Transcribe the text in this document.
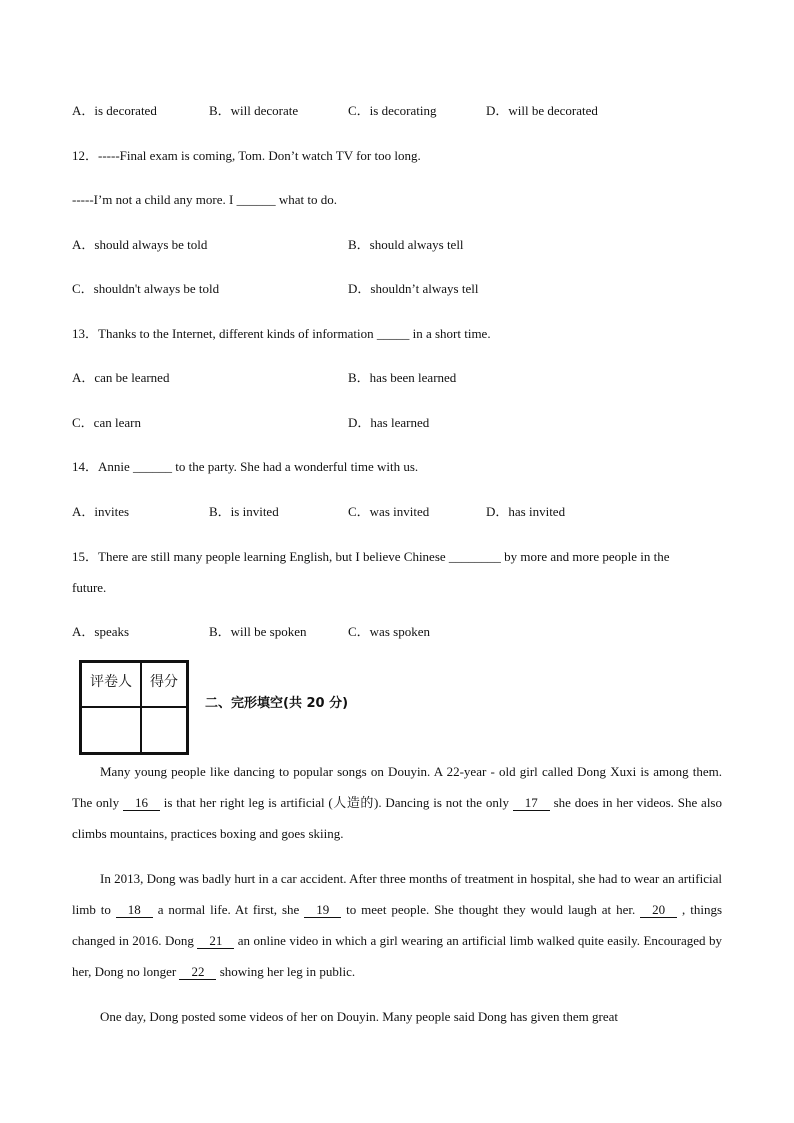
A．is decorated	B．will decorate	C．is decorating	D．will be decorated
12．-----Final exam is coming, Tom. Don’t watch TV for too long.
-----I’m not a child any more. I ______ what to do.
A．should always be told	B．should always tell
C．shouldn't always be told	D．shouldn’t always tell
13．Thanks to the Internet, different kinds of information _____ in a short time.
A．can be learned	B．has been learned
C．can learn	D．has learned
14．Annie ______ to the party. She had a wonderful time with us.
A．invites	B．is invited	C．was invited	D．has invited
15．There are still many people learning English, but I believe Chinese ________ by more and more people in the
future.
A．speaks	B．will be spoken	C．was spoken
评卷人	得分
二、完形填空(共 20 分)
Many young people like dancing to popular songs on Douyin. A 22-year - old girl called Dong Xuxi is among them. The only 16 is that her right leg is artificial (人造的). Dancing is not the only 17 she does in her videos. She also climbs mountains, practices boxing and goes skiing.
In 2013, Dong was badly hurt in a car accident. After three months of treatment in hospital, she had to wear an artificial limb to 18 a normal life. At first, she 19 to meet people. She thought they would laugh at her. 20 , things changed in 2016. Dong 21 an online video in which a girl wearing an artificial limb walked quite easily. Encouraged by her, Dong no longer 22 showing her leg in public.
One day, Dong posted some videos of her on Douyin. Many people said Dong has given them great
